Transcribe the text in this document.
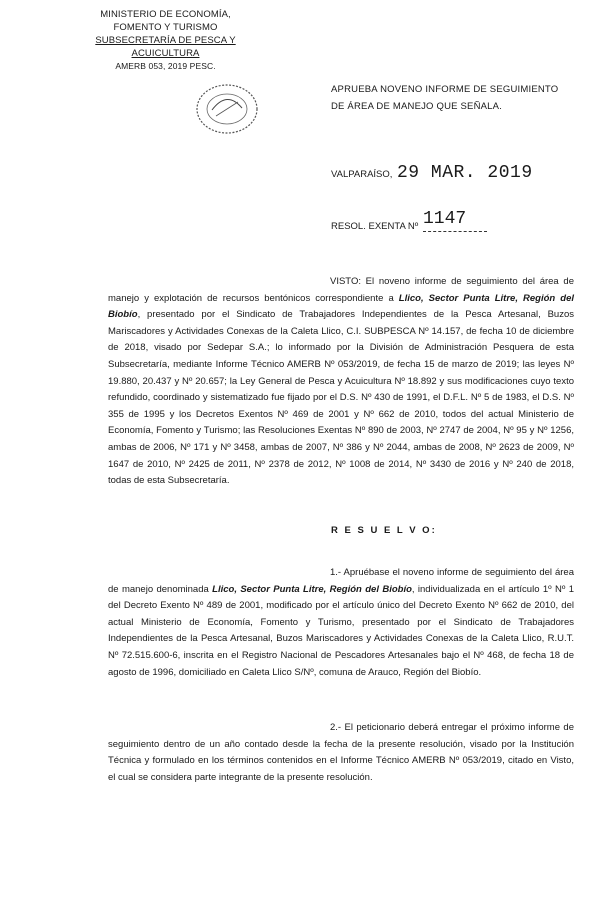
MINISTERIO DE ECONOMÍA,
FOMENTO Y TURISMO
SUBSECRETARÍA DE PESCA Y ACUICULTURA
AMERB 053, 2019 PESC.
APRUEBA NOVENO INFORME DE SEGUIMIENTO DE ÁREA DE MANEJO QUE SEÑALA.
VALPARAÍSO, 29 MAR. 2019
RESOL. EXENTA Nº 1147
VISTO: El noveno informe de seguimiento del área de manejo y explotación de recursos bentónicos correspondiente a Llico, Sector Punta Litre, Región del Biobío, presentado por el Sindicato de Trabajadores Independientes de la Pesca Artesanal, Buzos Mariscadores y Actividades Conexas de la Caleta Llico, C.I. SUBPESCA Nº 14.157, de fecha 10 de diciembre de 2018, visado por Sedepar S.A.; lo informado por la División de Administración Pesquera de esta Subsecretaría, mediante Informe Técnico AMERB Nº 053/2019, de fecha 15 de marzo de 2019; las leyes Nº 19.880, 20.437 y Nº 20.657; la Ley General de Pesca y Acuicultura Nº 18.892 y sus modificaciones cuyo texto refundido, coordinado y sistematizado fue fijado por el D.S. Nº 430 de 1991, el D.F.L. Nº 5 de 1983, el D.S. Nº 355 de 1995 y los Decretos Exentos Nº 469 de 2001 y Nº 662 de 2010, todos del actual Ministerio de Economía, Fomento y Turismo; las Resoluciones Exentas Nº 890 de 2003, Nº 2747 de 2004, Nº 95 y Nº 1256, ambas de 2006, Nº 171 y Nº 3458, ambas de 2007, Nº 386 y Nº 2044, ambas de 2008, Nº 2623 de 2009, Nº 1647 de 2010, Nº 2425 de 2011, Nº 2378 de 2012, Nº 1008 de 2014, Nº 3430 de 2016 y Nº 240 de 2018, todas de esta Subsecretaría.
R E S U E L V O:
1.- Apruébase el noveno informe de seguimiento del área de manejo denominada Llico, Sector Punta Litre, Región del Biobío, individualizada en el artículo 1º Nº 1 del Decreto Exento Nº 489 de 2001, modificado por el artículo único del Decreto Exento Nº 662 de 2010, del actual Ministerio de Economía, Fomento y Turismo, presentado por el Sindicato de Trabajadores Independientes de la Pesca Artesanal, Buzos Mariscadores y Actividades Conexas de la Caleta Llico, R.U.T. Nº 72.515.600-6, inscrita en el Registro Nacional de Pescadores Artesanales bajo el Nº 468, de fecha 18 de agosto de 1996, domiciliado en Caleta Llico S/Nº, comuna de Arauco, Región del Biobío.
2.- El peticionario deberá entregar el próximo informe de seguimiento dentro de un año contado desde la fecha de la presente resolución, visado por la Institución Técnica y formulado en los términos contenidos en el Informe Técnico AMERB Nº 053/2019, citado en Visto, el cual se considera parte integrante de la presente resolución.
